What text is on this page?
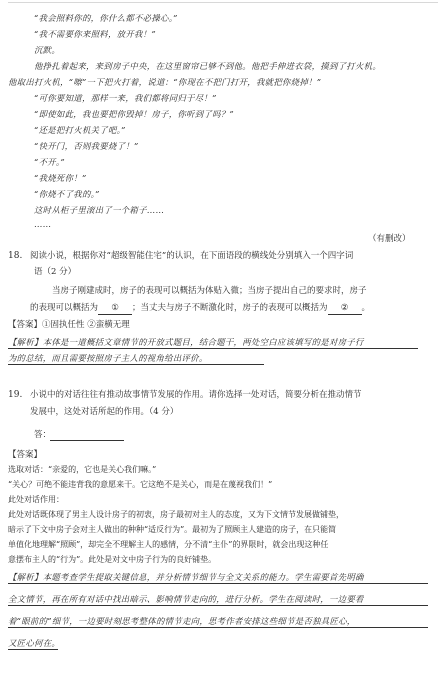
“我会照料你的，你什么都不必操心。”
“我不需要你来照料，放开我！”
沉默。
他挣扎着起来，来到房子中央，在这里窗帘已够不到他。他把手伸进衣袋，摸到了打火机。
他取出打火机，“嚓”一下把火打着，说道：“你现在不把门打开，我就把你烧掉！”
“可你要知道，那样一来，我们都将同归于尽！”
“即使如此，我也要把你毁掉！房子，你听到了吗？”
“还是把打火机关了吧。”
“快开门，否则我要烧了！”
“不开。”
“我烧死你！”
“你烧不了我的。”
这时从柜子里滚出了一个箱子……
……
（有删改）
18. 阅读小说，根据你对“超级智能住宅”的认识，在下面语段的横线处分别填入一个四字词
语（2 分）
当房子刚建成时，房子的表现可以概括为体贴入微；当房子提出自己的要求时，房子
的表现可以概括为 ① ；当丈夫与房子不断激化时，房子的表现可以概括为 ② 。
【答案】①固执任性 ②蛮横无理
【解析】本体是一道概括文章情节的开放式题目，结合题干，两处空白应该填写的是对房子行
为的总结，而且需要按照房子主人的视角给出评价。
19. 小说中的对话往往有推动故事情节发展的作用。请你选择一处对话，简要分析在推动情节
发展中，这处对话所起的作用。（4 分）
答：
【答案】
选取对话：“亲爱的，它也是关心我们嘛。”
“关心？可绝不能违背我的意愿来干。它这绝不是关心，而是在蔑视我们！”
此处对话作用：
此处对话既体现了男主人设计房子的初衷，房子最初对主人的态度，又为下文情节发展做铺垫，
暗示了下文中房子会对主人做出的种种“适反行为”。最初为了照顾主人建造的房子，在只能简
单值化地理解“照顾”，却完全不理解主人的感情，分不清“主仆”的界限时，就会出现这种任
意摆布主人的“行为”。此处是对文中房子行为的良好铺垫。
【解析】本题考查学生提取关键信息，并分析情节细节与全文关系的能力。学生需要首先明确
全文情节，再在所有对话中找出暗示、影响情节走向的，进行分析。学生在阅读时，一边要看
着“眼前的”细节，一边要时刻思考整体的情节走向，思考作者安排这些细节是否独具匠心，
又匠心何在。
